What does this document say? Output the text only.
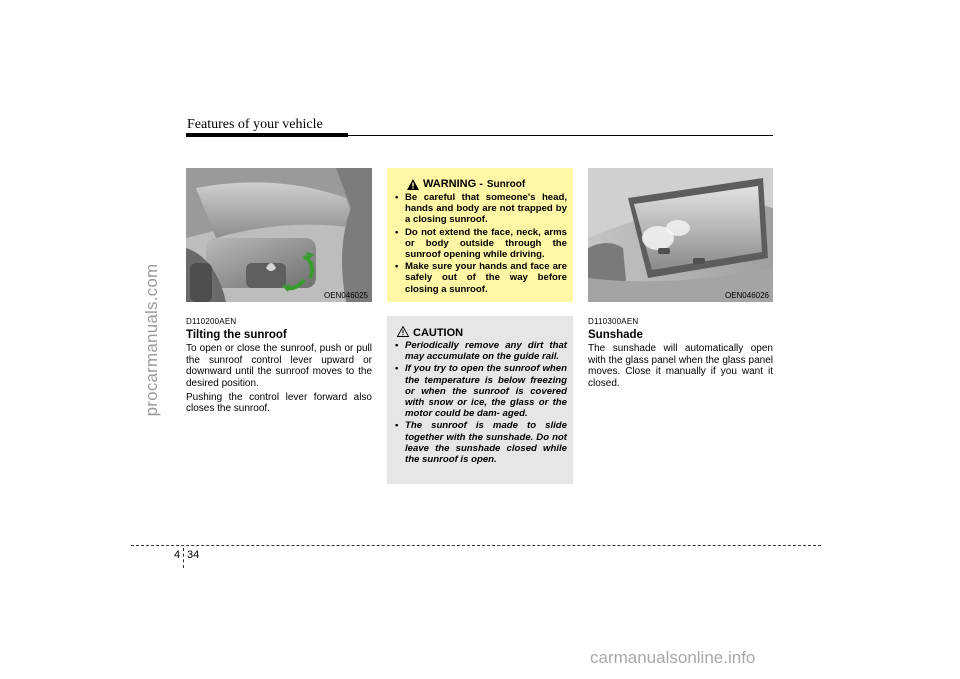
procarmanuals.com
Features of your vehicle
OEN046025
D110200AEN
Tilting the sunroof

To open or close the sunroof, push or pull the sunroof control lever upward or downward until the sunroof moves to the desired position.

Pushing the control lever forward also closes the sunroof.

WARNING - Sunroof
• Be careful that someone's head, hands and body are not trapped by a closing sunroof.
• Do not extend the face, neck, arms or body outside through the sunroof opening while driving.
• Make sure your hands and face are safely out of the way before closing a sunroof.
CAUTION
• Periodically remove any dirt that may accumulate on the guide rail.
• If you try to open the sunroof when the temperature is below freezing or when the sunroof is covered with snow or ice, the glass or the motor could be dam- aged.
• The sunroof is made to slide together with the sunshade. Do not leave the sunshade closed while the sunroof is open.
OEN046026
D110300AEN
Sunshade

The sunshade will automatically open with the glass panel when the glass panel moves. Close it manually if you want it closed.

4 34
carmanualsonline.info
